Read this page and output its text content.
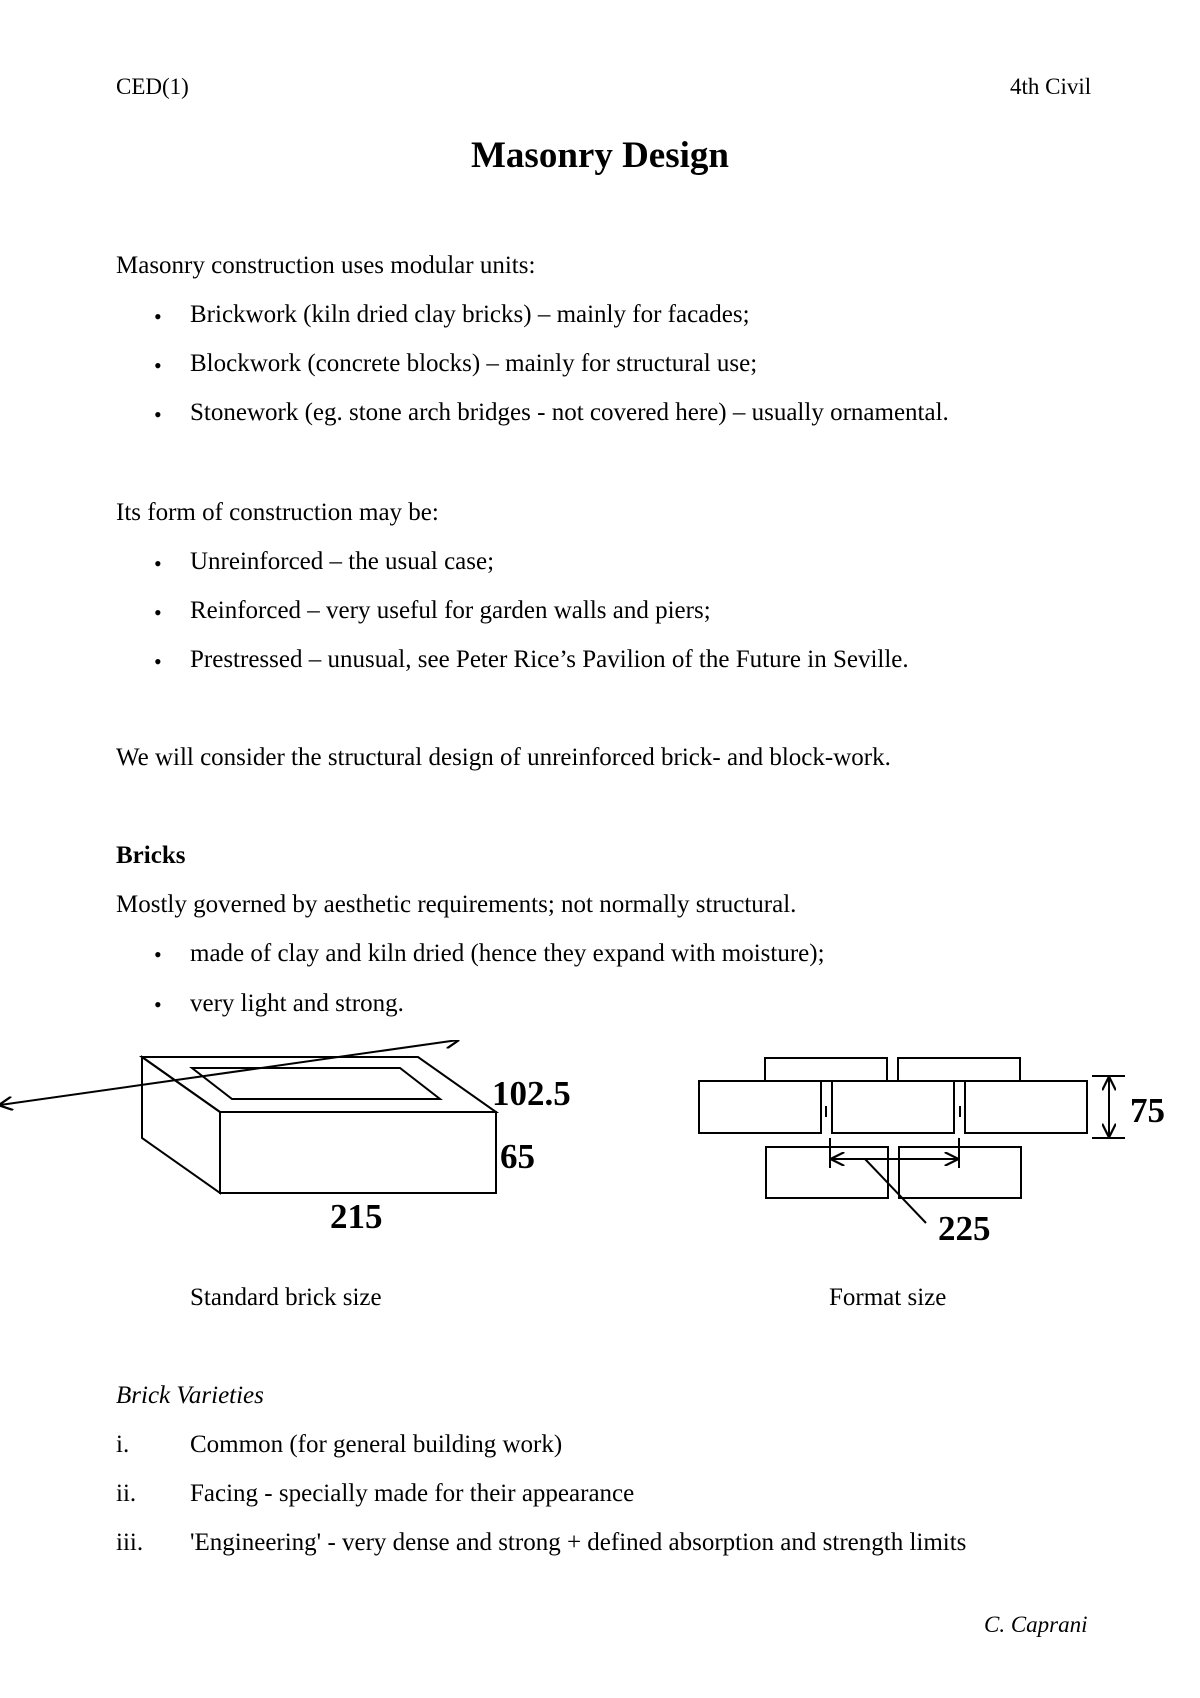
CED(1)	4th Civil
Masonry Design
Masonry construction uses modular units:
• Brickwork (kiln dried clay bricks) – mainly for facades;
• Blockwork (concrete blocks) – mainly for structural use;
• Stonework (eg. stone arch bridges - not covered here) – usually ornamental.
Its form of construction may be:
• Unreinforced – the usual case;
• Reinforced – very useful for garden walls and piers;
• Prestressed – unusual, see Peter Rice’s Pavilion of the Future in Seville.
We will consider the structural design of unreinforced brick- and block-work.
Bricks
Mostly governed by aesthetic requirements; not normally structural.
• made of clay and kiln dried (hence they expand with moisture);
• very light and strong.
102.5
65
215
75
225
Standard brick size	Format size
Brick Varieties
i. Common (for general building work)
ii. Facing - specially made for their appearance
iii. 'Engineering' - very dense and strong + defined absorption and strength limits
C. Caprani
